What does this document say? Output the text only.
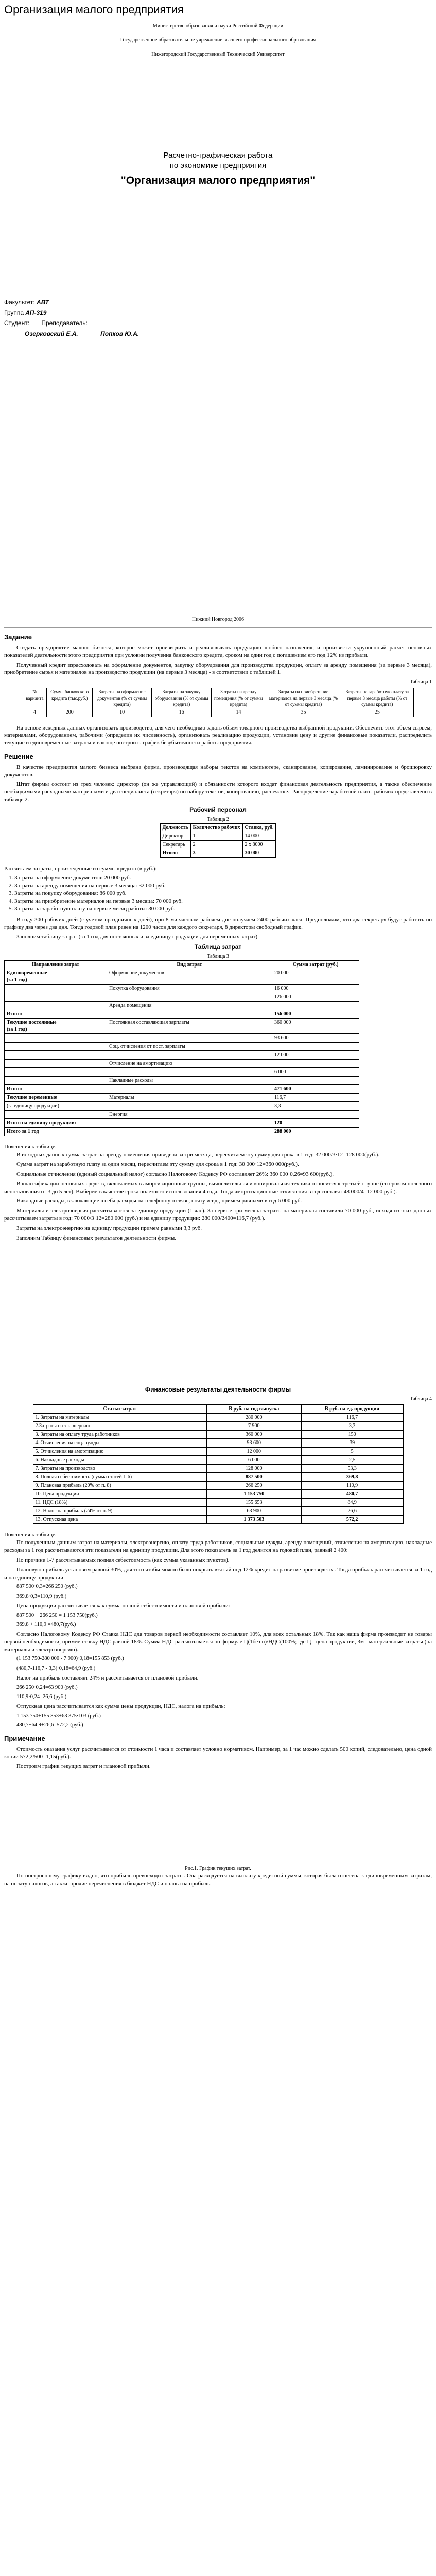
Организация малого предприятия
Министерство образования и науки Российской Федерации
Государственное образовательное учреждение высшего профессионального образования
Нижегородский Государственный Технический Университет
Расчетно-графическая работа
по экономике предприятия
"Организация малого предприятия"
Факультет: АВТ
Группа АП-319
Студент: Преподаватель:
Озерковский Е.А.	Попков Ю.А.
Нижний Новгород 2006
Задание

Создать предприятие малого бизнеса, которое может производить и реализовывать продукцию любого назначения, и произвести укрупненный расчет основных показателей деятельности этого предприятия при условии получения банковского кредита, сроком на один год с погашением его под 12% из прибыли.

Полученный кредит израсходовать на оформление документов, закупку оборудования для производства продукции, оплату за аренду помещения (за первые 3 месяца), приобретение сырья и материалов на производство продукции (на первые 3 месяца) - в соответствии с таблицей 1.

Таблица 1
№ варианта	Сумма банковского кредита (тыс.руб.)	Затраты на оформление документов (% от суммы кредита)	Затраты на закупку оборудования (% от суммы кредита)	Затраты на аренду помещения (% от суммы кредита)	Затраты на приобретение материалов на первые 3 месяца (% от суммы кредита)	Затраты на заработную плату за первые 3 месяца работы (% от суммы кредита)
4	200	10	16	14	35	25

На основе исходных данных организовать производство, для чего необходимо задать объем товарного производства выбранной продукции. Обеспечить этот объем сырьем, материалами, оборудованием, рабочими (определив их численность), организовать реализацию продукции, установив цену и другие финансовые показатели, распределить текущие и единовременные затраты и в конце построить график безубыточности работы предприятия.

Решение

В качестве предприятия малого бизнеса выбрана фирма, производящая наборы текстов на компьютере, сканирование, копирование, ламинирование и брошюровку документов.

Штат фирмы состоит из трех человек: директор (он же управляющий) и обязанности которого входят финансовая деятельность предприятия, а также обеспечение необходимыми расходными материалами и два специалиста (секретаря) по набору текстов, копированию, распечатке.. Распределение заработной платы рабочих представлено в таблице 2.

Рабочий персонал
Таблица 2
Должность	Количество рабочих	Ставка, руб.
Директор	1	14 000
Секретарь	2	2 х 8000
Итого:	3	30 000
Рассчитаем затраты, произведенные из суммы кредита (в руб.):
1. Затраты на оформление документов: 20 000 руб.
2. Затраты на аренду помещения на первые 3 месяца: 32 000 руб.
3. Затраты на покупку оборудования: 86 000 руб.
4. Затраты на приобретение материалов на первые 3 месяца: 70 000 руб.
5. Затраты на заработную плату на первые месяц работы: 30 000 руб.

В году 300 рабочих дней (с учетом праздничных дней), при 8-ми часовом рабочем дне получаем 2400 рабочих часа. Предположим, что два секретаря будут работать по графику два через два дня. Тогда годовой план равен на 1200 часов для каждого секретаря, 8 директоры свободный график.

Заполним таблицу затрат (за 1 год для постоянных и за единицу продукции для переменных затрат).

Таблица затрат
Таблица 3
Направление затрат	Вид затрат	Сумма затрат (руб.)
Единовременные
(за 1 год)	Оформление документов	20 000

	Покупка оборудования	16 000

		126 000

	Аренда помещения	
Итого:		156 000
Текущие постоянные
(за 1 год)	Постоянная составляющая зарплаты	360 000

		93 600

	Соц. отчисления от пост. зарплаты	

		12 000

	Отчисление на амортизацию	

		6 000

	Накладные расходы	
Итого:		471 600
Текущие переменные	Материалы	116,7
(за единицу продукции)		3,3

	Энергия	
Итого на единицу продукции:		120
Итого за 1 год		288 000
Пояснения к таблице.

В исходных данных сумма затрат на аренду помещения приведена за три месяца, пересчитаем эту сумму для срока в 1 год: 32 000/3·12=128 000(руб.).

Сумма затрат на заработную плату за один месяц, пересчитаем эту сумму для срока в 1 год: 30 000·12=360 000(руб.).

Социальные отчисления (единый социальный налог) согласно Налоговому Кодексу РФ составляет 26%: 360 000·0,26=93 600(руб.).

В классификации основных средств, включаемых в амортизационные группы, вычислительная и копировальная техника относится к третьей группе (со сроком полезного использования от 3 до 5 лет). Выберем в качестве срока полезного использования 4 года. Тогда амортизационные отчисления в год составят 48 000/4=12 000 руб.).

Накладные расходы, включающие в себя расходы на телефонную связь, почту и т.д., примем равными в год 6 000 руб.

Материалы и электроэнергия рассчитываются за единицу продукции (1 час). За первые три месяца затраты на материалы составили 70 000 руб., исходя из этих данных рассчитываем затраты в год: 70 000/3·12=280 000 (руб.) и на единицу продукции: 280 000/2400=116,7 (руб.).

Затраты на электроэнергию на единицу продукции примем равными 3,3 руб.

Заполним Таблицу финансовых результатов деятельности фирмы.

Финансовые результаты деятельности фирмы
Таблица 4
Статьи затрат	В руб. на год выпуска	В руб. на ед. продукции
1. Затраты на материалы	280 000	116,7
2.Затраты на эл. энергию	7 900	3,3
3. Затраты на оплату труда работников	360 000	150
4. Отчисления на соц. нужды	93 600	39
5. Отчисления на амортизацию	12 000	5
6. Накладные расходы	6 000	2,5
7. Затраты на производство	128 000	53,3
8. Полная себестоимость (сумма статей 1-6)	887 500	369,8
9. Плановая прибыль (20% от п. 8)	266 250	110,9
10. Цена продукции	1 153 750	480,7
11. НДС (18%)	155 653	84,9
12. Налог на прибыль (24% от п. 9)	63 900	26,6
13. Отпускная цена	1 373 503	572,2
Пояснения к таблице.

По полученным данным затрат на материалы, электроэнергию, оплату труда работников, социальные нужды, аренду помещений, отчисления на амортизацию, накладные расходы за 1 год рассчитываются эти показатели на единицу продукции. Для этого показатель за 1 год делится на годовой план, равный 2 400:

По причине 1-7 рассчитываемых полная себестоимость (как сумма указанных пунктов).

Плановую прибыль установим равной 30%, для того чтобы можно было покрыть взятый под 12% кредит на развитие производства. Тогда прибыль рассчитывается за 1 год и на единицу продукции:

887 500·0,3=266 250 (руб.)
369,8·0,3=110,9 (руб.)

Цена продукции рассчитывается как сумма полной себестоимости и плановой прибыли:

887 500 + 266 250 = 1 153 750(руб.)
369,8 + 110,9 =480,7(руб.)

Согласно Налоговому Кодексу РФ Ставка НДС для товаров первой необходимости составляет 10%, для всех остальных 18%. Так как наша фирма производит не товары первой необходимости, примем ставку НДС равной 18%. Сумма НДС рассчитывается по формуле Ц(1без н)/НДС(100%; где Ц - цена продукции, Зм - материальные затраты (на материалы и электроэнергию).

(1 153 750-280 000 - 7 900)·0,18=155 853 (руб.)
(480,7-116,7 - 3,3)·0,18=64,9 (руб.)

Налог на прибыль составляет 24% и рассчитывается от плановой прибыли.

266 250·0,24=63 900 (руб.)
110,9·0,24=26,6 (руб.)

Отпускная цена рассчитывается как сумма цены продукции, НДС, налога на прибыль:

1 153 750+155 853+63 375·103 (руб.)
480,7+64,9+26,6=572,2 (руб.)
Примечание

Стоимость оказания услуг рассчитывается от стоимости 1 часа и составляет условно нормативом. Например, за 1 час можно сделать 500 копий, следовательно, цена одной копии 572,2/500=1,15(руб.).

Построим график текущих затрат и плановой прибыли.

Рис.1. График текущих затрат.

По построенному графику видно, что прибыль превосходит затраты. Она расходуется на выплату кредитной суммы, которая была отнесена к единовременным затратам, на оплату налогов, а также прочие перечисления в бюджет НДС и налога на прибыль.
